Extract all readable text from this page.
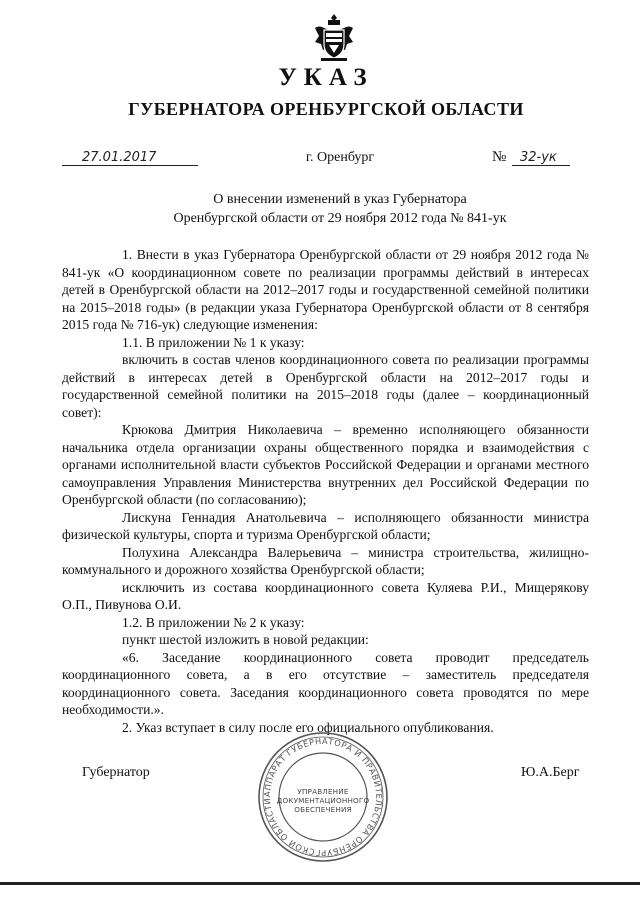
УКАЗ
ГУБЕРНАТОРА ОРЕНБУРГСКОЙ ОБЛАСТИ
27.01.2017	г. Оренбург	№ 32-ук
О внесении изменений в указ Губернатора
Оренбургской области от 29 ноября 2012 года № 841-ук

1. Внести в указ Губернатора Оренбургской области от 29 ноября 2012 года № 841-ук «О координационном совете по реализации программы действий в интересах детей в Оренбургской области на 2012–2017 годы и государственной семейной политики на 2015–2018 годы» (в редакции указа Губернатора Оренбургской области от 8 сентября 2015 года № 716-ук) следующие изменения:

1.1. В приложении № 1 к указу:

включить в состав членов координационного совета по реализации программы действий в интересах детей в Оренбургской области на 2012–2017 годы и государственной семейной политики на 2015–2018 годы (далее – координационный совет):

Крюкова Дмитрия Николаевича – временно исполняющего обязанности начальника отдела организации охраны общественного порядка и взаимодействия с органами исполнительной власти субъектов Российской Федерации и органами местного самоуправления Управления Министерства внутренних дел Российской Федерации по Оренбургской области (по согласованию);

Лискуна Геннадия Анатольевича – исполняющего обязанности министра физической культуры, спорта и туризма Оренбургской области;

Полухина Александра Валерьевича – министра строительства, жилищно-коммунального и дорожного хозяйства Оренбургской области;

исключить из состава координационного совета Куляева Р.И., Мищерякову О.П., Пивунова О.И.

1.2. В приложении № 2 к указу:

пункт шестой изложить в новой редакции:

«6. Заседание координационного совета проводит председатель координационного совета, а в его отсутствие – заместитель председателя координационного совета. Заседания координационного совета проводятся по мере необходимости.».

2. Указ вступает в силу после его официального опубликования.

Губернатор	Ю.А.Берг
АППАРАТ ГУБЕРНАТОРА И ПРАВИТЕЛЬСТВА ОРЕНБУРГСКОЙ ОБЛАСТИ
УПРАВЛЕНИЕ
ДОКУМЕНТАЦИОННОГО
ОБЕСПЕЧЕНИЯ
